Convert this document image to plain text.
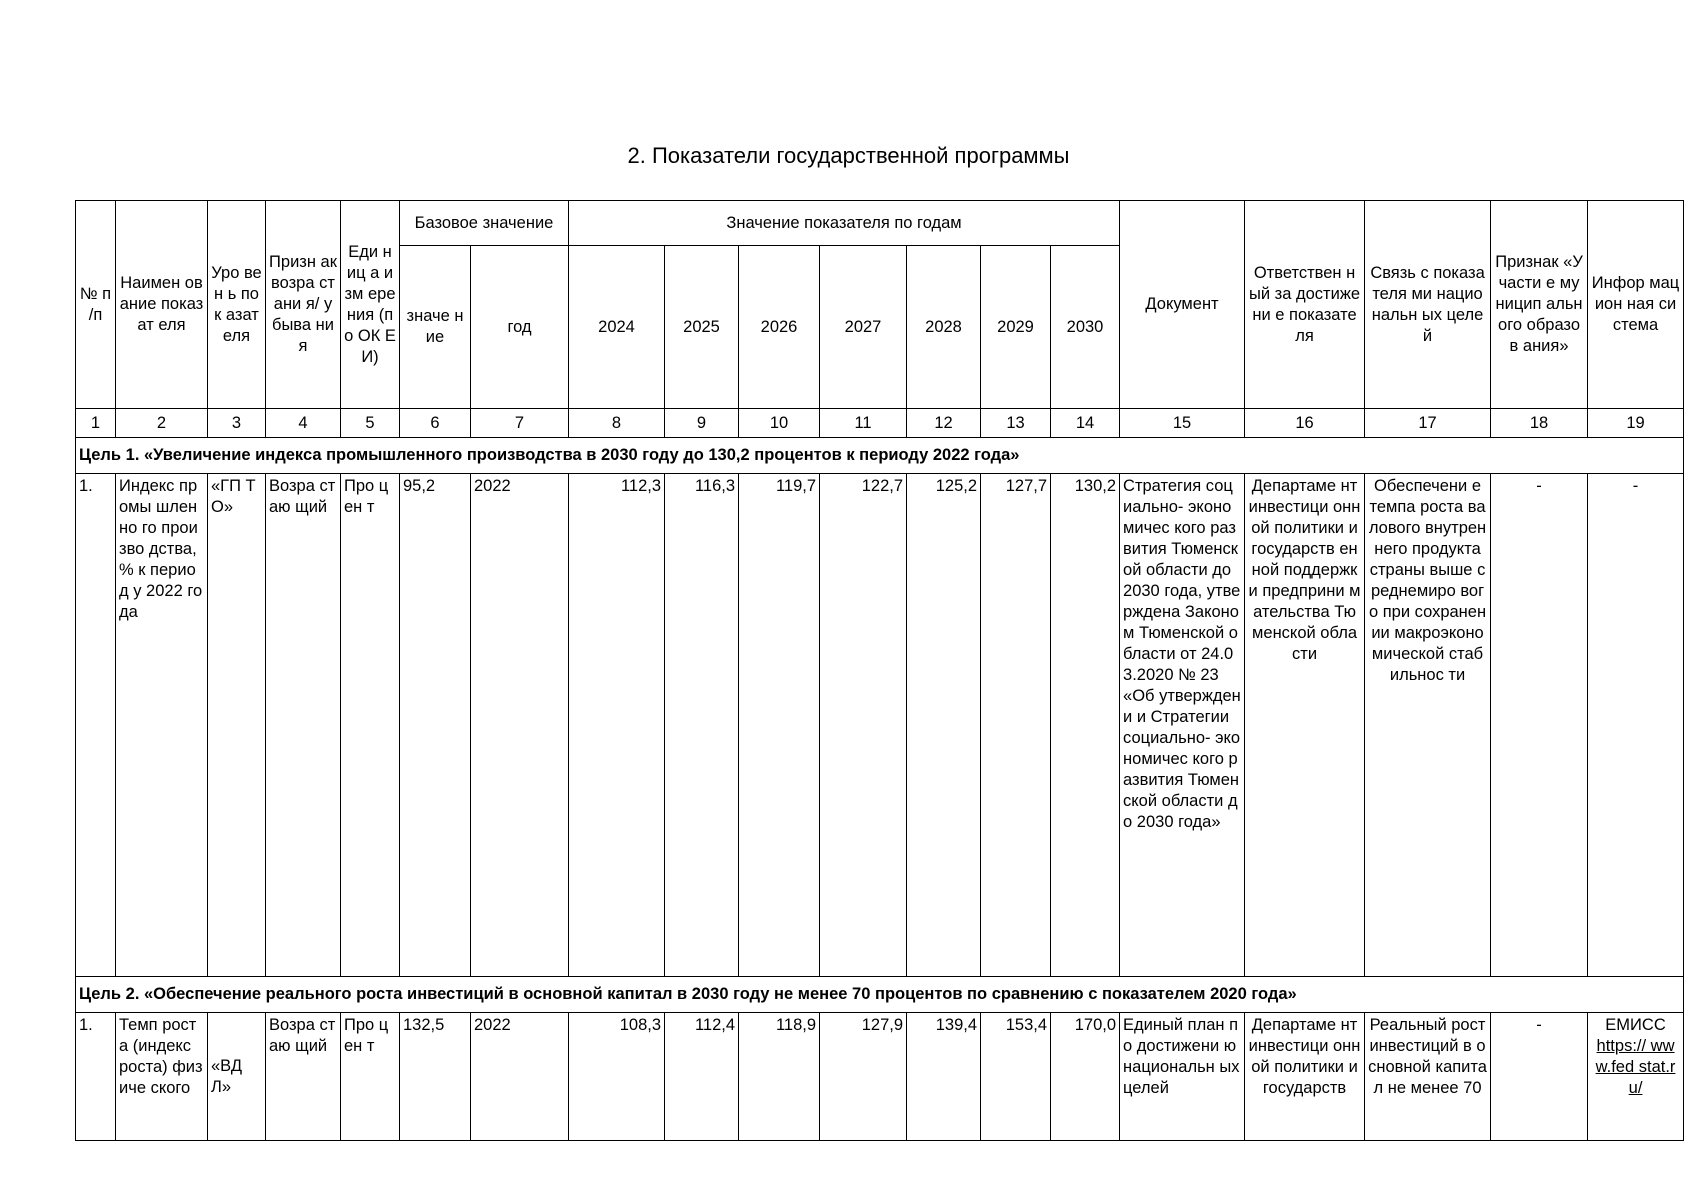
2. Показатели государственной программы
№ п /п	Наимен ование показат еля	Уро вен ь пок азат еля	Призн ак возра стани я/ убыва ния	Еди ниц а изм ере ния (по ОК ЕИ)	Базовое значение		Значение показателя по годам							Документ	Ответствен ный за достижени е показателя	Связь с показателя ми национальн ых целей	Признак «Участи е муницип ального образов ания»	Инфор мацион ная система
					значе ние	год	2024	2025	2026	2027	2028	2029	2030					
1	2	3	4	5	6	7	8	9	10	11	12	13	14	15	16	17	18	19
Цель 1. «Увеличение индекса промышленного производства в 2030 году до 130,2 процентов к периоду 2022 года»																		
1.	Индекс промы шленно го произво дства, % к период у 2022 года	«ГП ТО»	Возра стаю щий	Про цен т	95,2	2022	112,3	116,3	119,7	122,7	125,2	127,7	130,2	Стратегия социально- экономичес кого развития Тюменской области до 2030 года, утверждена Законом Тюменской области от 24.03.2020 № 23 «Об утверждени и Стратегии социально- экономичес кого развития Тюменской области до 2030 года»	Департаме нт инвестици онной политики и государств енной поддержки предприни мательства Тюменской области	Обеспечени е темпа роста валового внутреннего продукта страны выше среднемиро вого при сохранении макроэконо мической стабильнос ти	-	-
Цель 2. «Обеспечение реального роста инвестиций в основной капитал в 2030 году не менее 70 процентов по сравнению с показателем 2020 года»																		
1.	Темп роста (индекс роста) физиче ского	«ВД Л»	Возра стаю щий	Про цен т	132,5	2022	108,3	112,4	118,9	127,9	139,4	153,4	170,0	Единый план по достижени ю национальн ых целей	Департаме нт инвестици онной политики и государств	Реальный рост инвестиций в основной капитал не менее 70	-	ЕМИСС
https:// www.fed stat.ru/
